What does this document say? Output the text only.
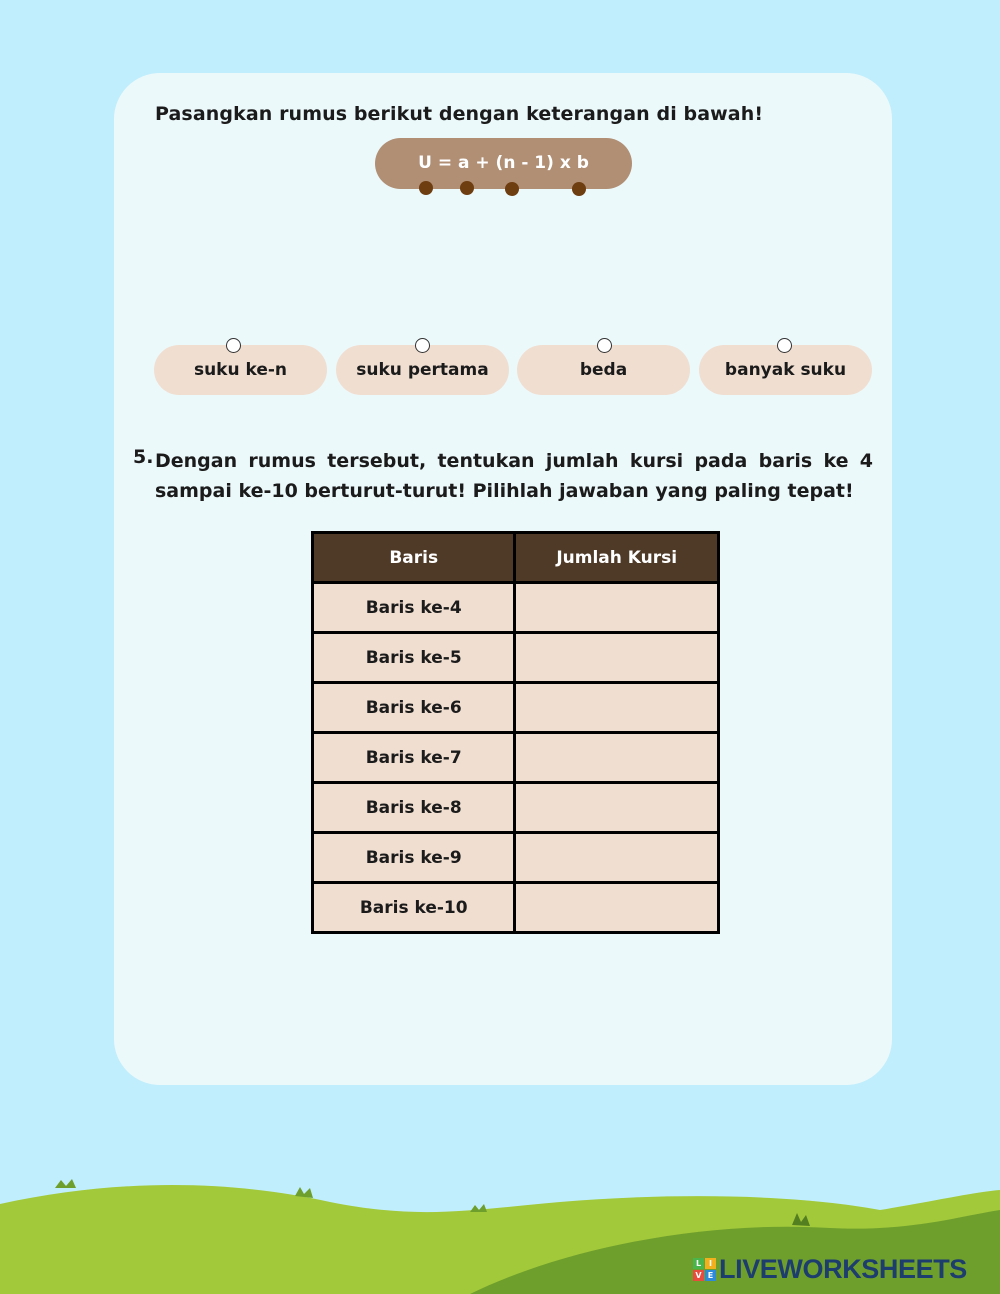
Pasangkan rumus berikut dengan keterangan di bawah!
U = a + (n - 1) x b
suku ke-n	suku pertama	beda	banyak suku
5. Dengan rumus tersebut, tentukan jumlah kursi pada baris ke 4 sampai ke-10 berturut-turut! Pilihlah jawaban yang paling tepat!
Baris	Jumlah Kursi
Baris ke-4	
Baris ke-5	
Baris ke-6	
Baris ke-7	
Baris ke-8	
Baris ke-9	
Baris ke-10	
L I
V E LIVEWORKSHEETS
